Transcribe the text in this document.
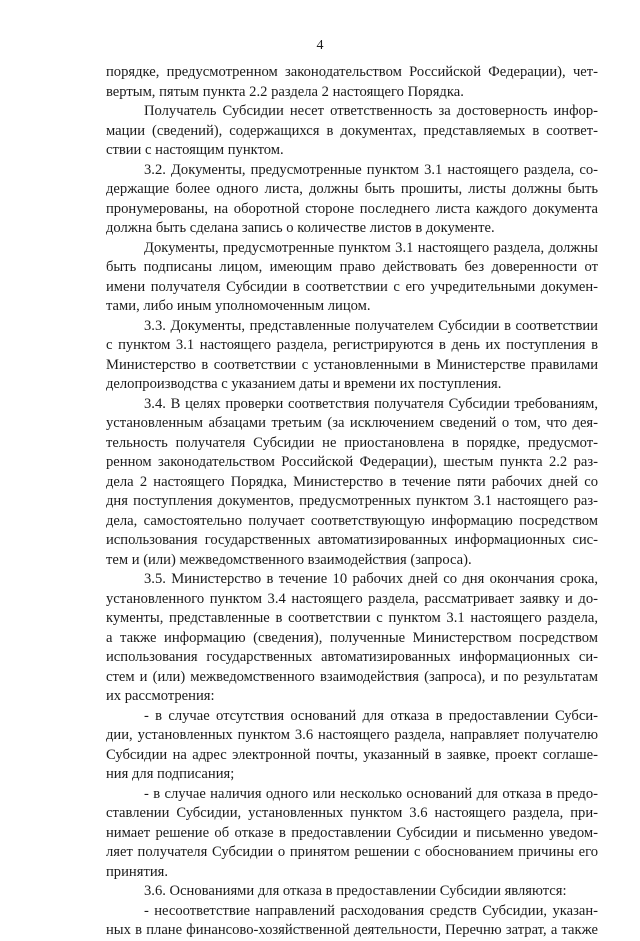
4
порядке, предусмотренном законодательством Российской Федерации), чет-
вертым, пятым пункта 2.2 раздела 2 настоящего Порядка.
Получатель Субсидии несет ответственность за достоверность инфор-
мации (сведений), содержащихся в документах, представляемых в соответ-
ствии с настоящим пунктом.
3.2. Документы, предусмотренные пунктом 3.1 настоящего раздела, со-
держащие более одного листа, должны быть прошиты, листы должны быть
пронумерованы, на оборотной стороне последнего листа каждого документа
должна быть сделана запись о количестве листов в документе.
Документы, предусмотренные пунктом 3.1 настоящего раздела, должны
быть подписаны лицом, имеющим право действовать без доверенности от
имени получателя Субсидии в соответствии с его учредительными докумен-
тами, либо иным уполномоченным лицом.
3.3. Документы, представленные получателем Субсидии в соответствии
с пунктом 3.1 настоящего раздела, регистрируются в день их поступления в
Министерство в соответствии с установленными в Министерстве правилами
делопроизводства с указанием даты и времени их поступления.
3.4. В целях проверки соответствия получателя Субсидии требованиям,
установленным абзацами третьим (за исключением сведений о том, что дея-
тельность получателя Субсидии не приостановлена в порядке, предусмот-
ренном законодательством Российской Федерации), шестым пункта 2.2 раз-
дела 2 настоящего Порядка, Министерство в течение пяти рабочих дней со
дня поступления документов, предусмотренных пунктом 3.1 настоящего раз-
дела, самостоятельно получает соответствующую информацию посредством
использования государственных автоматизированных информационных сис-
тем и (или) межведомственного взаимодействия (запроса).
3.5. Министерство в течение 10 рабочих дней со дня окончания срока,
установленного пунктом 3.4 настоящего раздела, рассматривает заявку и до-
кументы, представленные в соответствии с пунктом 3.1 настоящего раздела,
а также информацию (сведения), полученные Министерством посредством
использования государственных автоматизированных информационных си-
стем и (или) межведомственного взаимодействия (запроса), и по результатам
их рассмотрения:
- в случае отсутствия оснований для отказа в предоставлении Субси-
дии, установленных пунктом 3.6 настоящего раздела, направляет получателю
Субсидии на адрес электронной почты, указанный в заявке, проект соглаше-
ния для подписания;
- в случае наличия одного или несколько оснований для отказа в предо-
ставлении Субсидии, установленных пунктом 3.6 настоящего раздела, при-
нимает решение об отказе в предоставлении Субсидии и письменно уведом-
ляет получателя Субсидии о принятом решении с обоснованием причины его
принятия.
3.6. Основаниями для отказа в предоставлении Субсидии являются:
- несоответствие направлений расходования средств Субсидии, указан-
ных в плане финансово-хозяйственной деятельности, Перечню затрат, а также
